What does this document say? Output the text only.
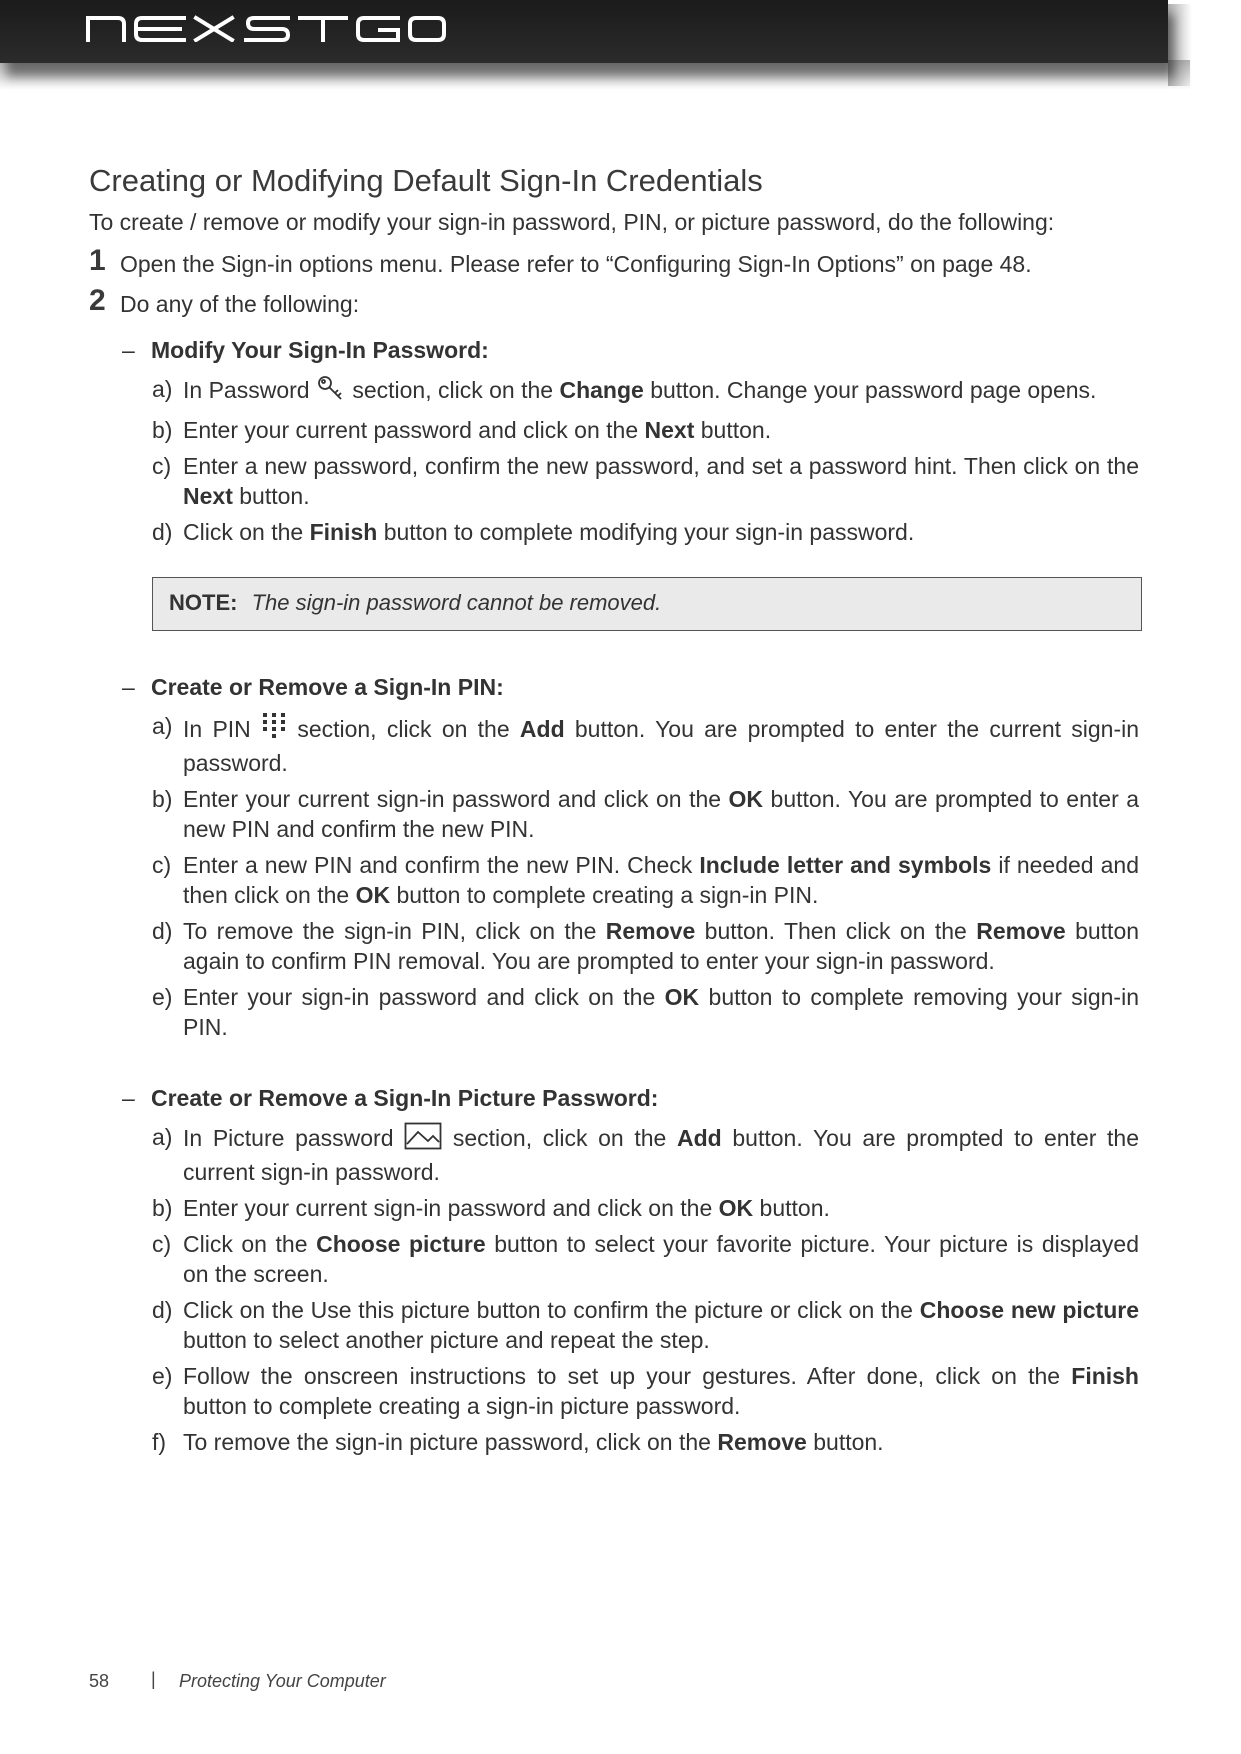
Creating or Modifying Default Sign-In Credentials

To create / remove or modify your sign-in password, PIN, or picture password, do the following:

1 Open the Sign-in options menu. Please refer to “Configuring Sign-In Options” on page 48.
2 Do any of the following:
– Modify Your Sign-In Password:
a) In Password section, click on the Change button. Change your password page opens.
b) Enter your current password and click on the Next button.
c) Enter a new password, confirm the new password, and set a password hint. Then click on the Next button.
d) Click on the Finish button to complete modifying your sign-in password.
NOTE: The sign-in password cannot be removed.
– Create or Remove a Sign-In PIN:
a) In PIN section, click on the Add button. You are prompted to enter the current sign-in password.
b) Enter your current sign-in password and click on the OK button. You are prompted to enter a new PIN and confirm the new PIN.
c) Enter a new PIN and confirm the new PIN. Check Include letter and symbols if needed and then click on the OK button to complete creating a sign-in PIN.
d) To remove the sign-in PIN, click on the Remove button. Then click on the Remove button again to confirm PIN removal. You are prompted to enter your sign-in password.
e) Enter your sign-in password and click on the OK button to complete removing your sign-in PIN.
– Create or Remove a Sign-In Picture Password:
a) In Picture password	section, click on the Add button. You are prompted to enter the current sign-in password.
b) Enter your current sign-in password and click on the OK button.
c) Click on the Choose picture button to select your favorite picture. Your picture is displayed on the screen.
d) Click on the Use this picture button to confirm the picture or click on the Choose new picture button to select another picture and repeat the step.
e) Follow the onscreen instructions to set up your gestures. After done, click on the Finish button to complete creating a sign-in picture password.
f) To remove the sign-in picture password, click on the Remove button.
58 | Protecting Your Computer
